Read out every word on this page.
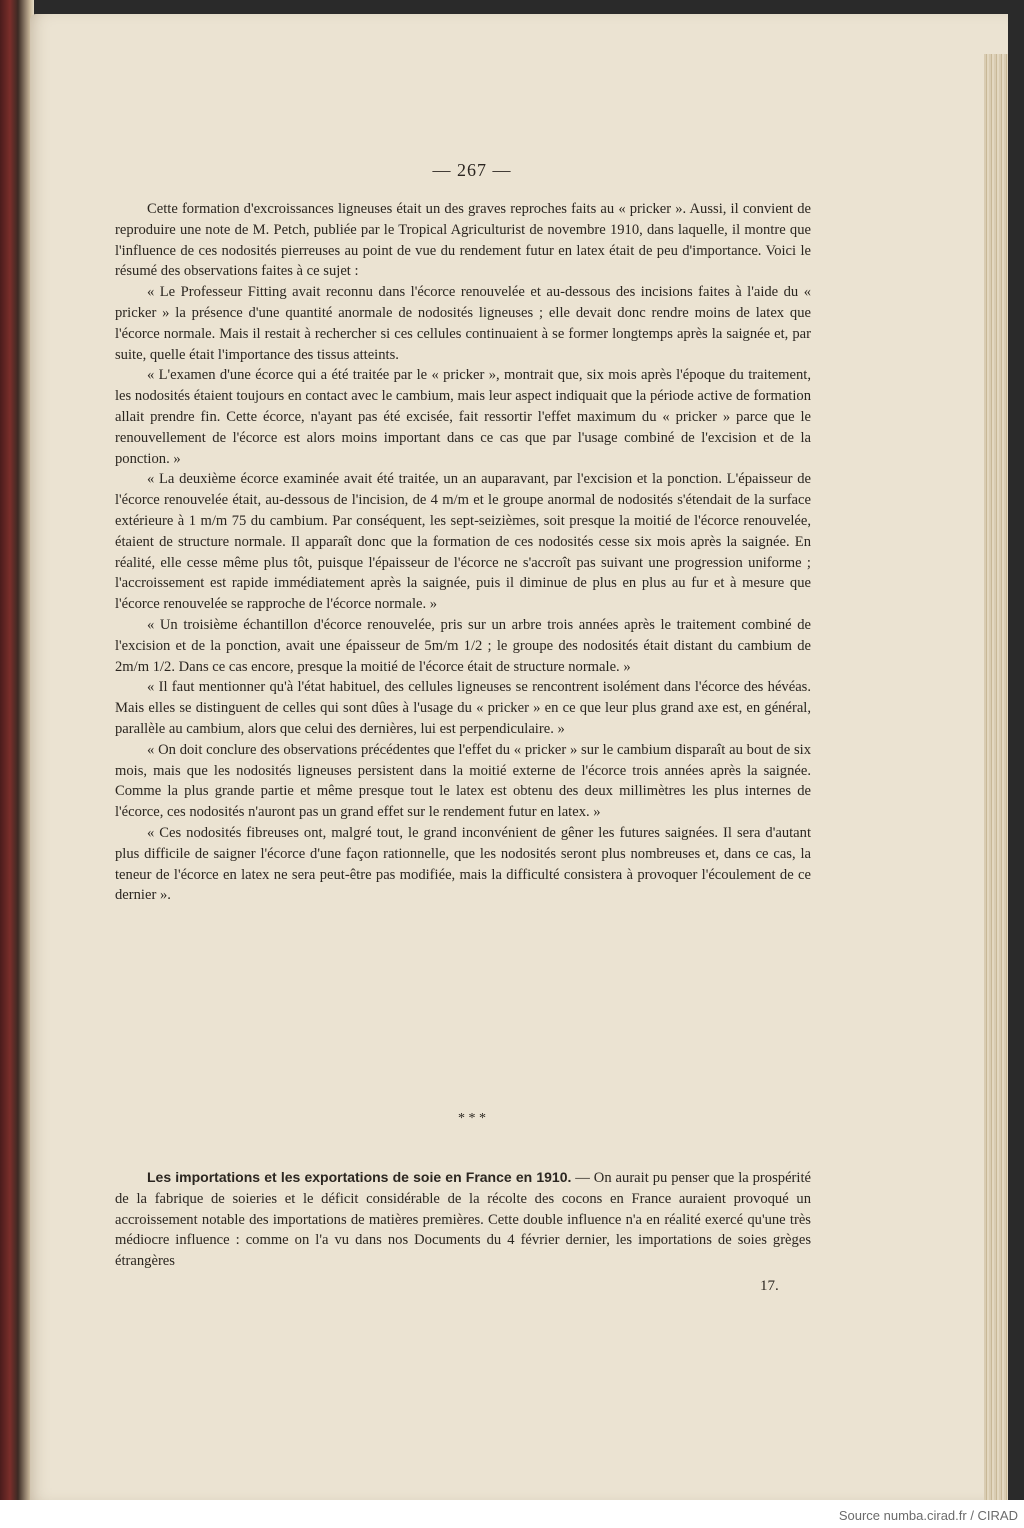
— 267 —

Cette formation d'excroissances ligneuses était un des graves reproches faits au « pricker ». Aussi, il convient de reproduire une note de M. Petch, publiée par le Tropical Agriculturist de novembre 1910, dans laquelle, il montre que l'influence de ces nodosités pierreuses au point de vue du rendement futur en latex était de peu d'importance. Voici le résumé des observations faites à ce sujet :

« Le Professeur Fitting avait reconnu dans l'écorce renouvelée et au-dessous des incisions faites à l'aide du « pricker » la présence d'une quantité anormale de nodosités ligneuses ; elle devait donc rendre moins de latex que l'écorce normale. Mais il restait à rechercher si ces cellules continuaient à se former longtemps après la saignée et, par suite, quelle était l'importance des tissus atteints.

« L'examen d'une écorce qui a été traitée par le « pricker », montrait que, six mois après l'époque du traitement, les nodosités étaient toujours en contact avec le cambium, mais leur aspect indiquait que la période active de formation allait prendre fin. Cette écorce, n'ayant pas été excisée, fait ressortir l'effet maximum du « pricker » parce que le renouvellement de l'écorce est alors moins important dans ce cas que par l'usage combiné de l'excision et de la ponction. »

« La deuxième écorce examinée avait été traitée, un an auparavant, par l'excision et la ponction. L'épaisseur de l'écorce renouvelée était, au-dessous de l'incision, de 4 m/m et le groupe anormal de nodosités s'étendait de la surface extérieure à 1 m/m 75 du cambium. Par conséquent, les sept-seizièmes, soit presque la moitié de l'écorce renouvelée, étaient de structure normale. Il apparaît donc que la formation de ces nodosités cesse six mois après la saignée. En réalité, elle cesse même plus tôt, puisque l'épaisseur de l'écorce ne s'accroît pas suivant une progression uniforme ; l'accroissement est rapide immédiatement après la saignée, puis il diminue de plus en plus au fur et à mesure que l'écorce renouvelée se rapproche de l'écorce normale. »

« Un troisième échantillon d'écorce renouvelée, pris sur un arbre trois années après le traitement combiné de l'excision et de la ponction, avait une épaisseur de 5m/m 1/2 ; le groupe des nodosités était distant du cambium de 2m/m 1/2. Dans ce cas encore, presque la moitié de l'écorce était de structure normale. »

« Il faut mentionner qu'à l'état habituel, des cellules ligneuses se rencontrent isolément dans l'écorce des hévéas. Mais elles se distinguent de celles qui sont dûes à l'usage du « pricker » en ce que leur plus grand axe est, en général, parallèle au cambium, alors que celui des dernières, lui est perpendiculaire. »

« On doit conclure des observations précédentes que l'effet du « pricker » sur le cambium disparaît au bout de six mois, mais que les nodosités ligneuses persistent dans la moitié externe de l'écorce trois années après la saignée. Comme la plus grande partie et même presque tout le latex est obtenu des deux millimètres les plus internes de l'écorce, ces nodosités n'auront pas un grand effet sur le rendement futur en latex. »

« Ces nodosités fibreuses ont, malgré tout, le grand inconvénient de gêner les futures saignées. Il sera d'autant plus difficile de saigner l'écorce d'une façon rationnelle, que les nodosités seront plus nombreuses et, dans ce cas, la teneur de l'écorce en latex ne sera peut-être pas modifiée, mais la difficulté consistera à provoquer l'écoulement de ce dernier ».

* * *

Les importations et les exportations de soie en France en 1910. — On aurait pu penser que la prospérité de la fabrique de soieries et le déficit considérable de la récolte des cocons en France auraient provoqué un accroissement notable des importations de matières premières. Cette double influence n'a en réalité exercé qu'une très médiocre influence : comme on l'a vu dans nos Documents du 4 février dernier, les importations de soies grèges étrangères

17.
Source numba.cirad.fr / CIRAD
